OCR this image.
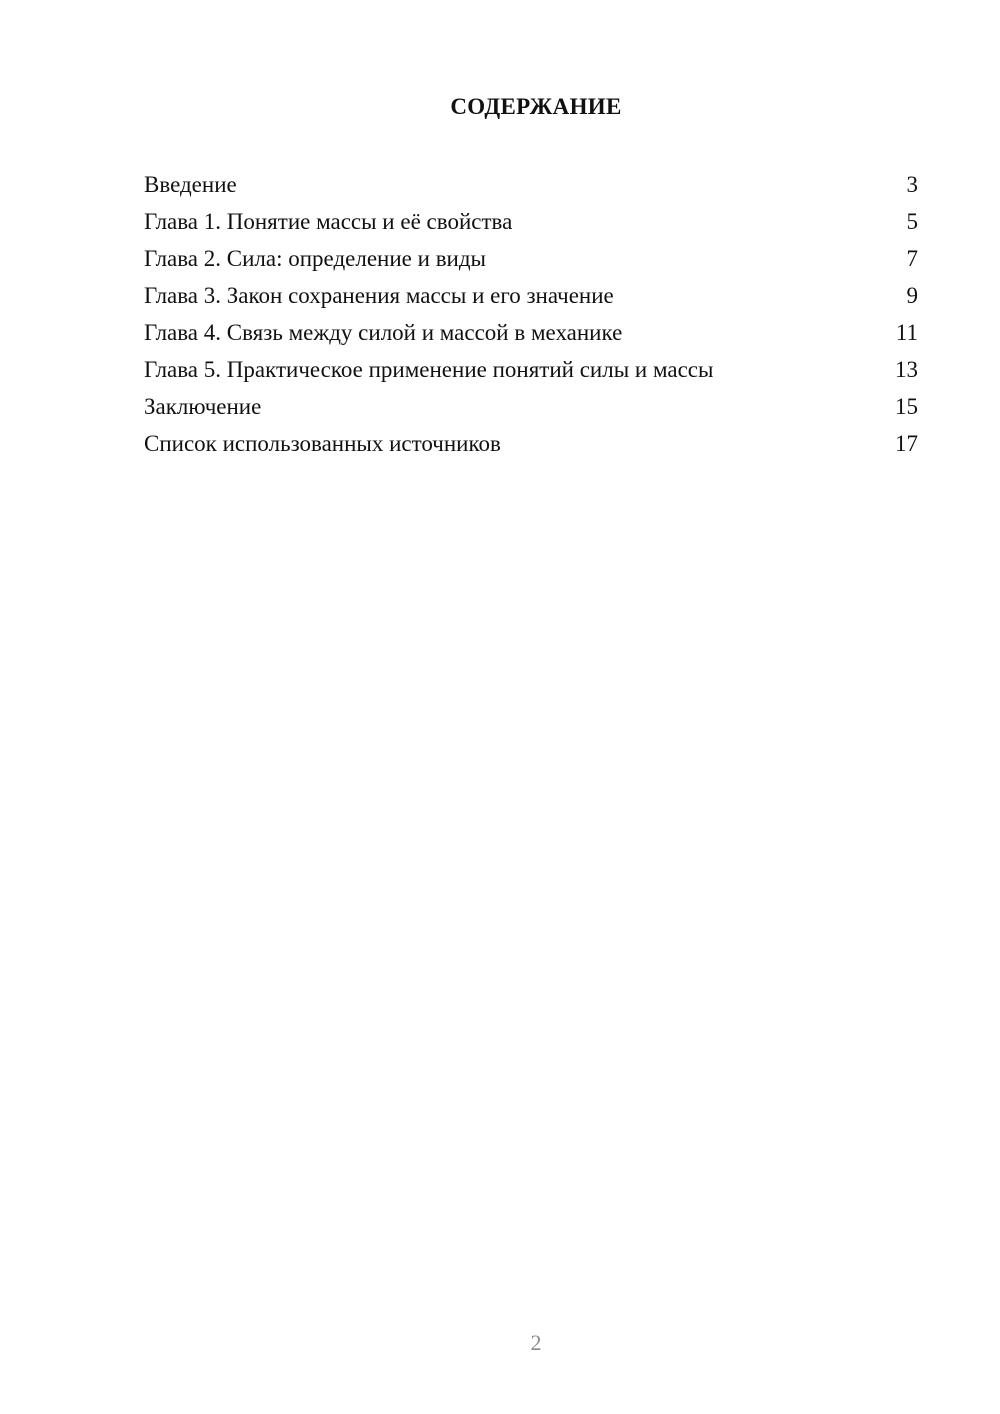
СОДЕРЖАНИЕ
Введение	3
Глава 1. Понятие массы и её свойства	5
Глава 2. Сила: определение и виды	7
Глава 3. Закон сохранения массы и его значение	9
Глава 4. Связь между силой и массой в механике	11
Глава 5. Практическое применение понятий силы и массы	13
Заключение	15
Список использованных источников	17
2
